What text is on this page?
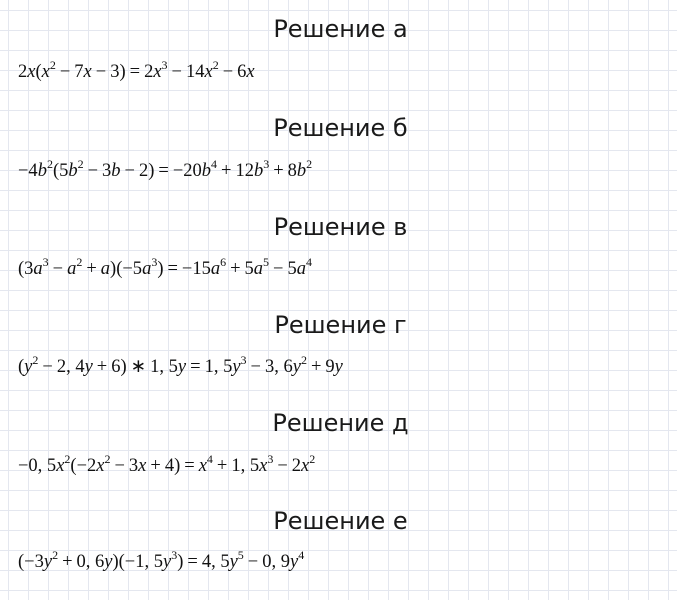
Решение а
$2x(x^2 - 7x - 3) = 2x^3 - 14x^2 - 6x$
Решение б
$-4b^2(5b^2 - 3b - 2) = -20b^4 + 12b^3 + 8b^2$
Решение в
$(3a^3 - a^2 + a)(-5a^3) = -15a^6 + 5a^5 - 5a^4$
Решение г
($y^2 - 2$, 4y + 6) ∗ 1, 5y = 1, $5y^3 - 3$, $6y^2 + 9y$
Решение д
−0, $5x^2(-2x^2 - 3x + 4) = x^4 + 1$, $5x^3 - 2x^2$
Решение е
($-3y^2 + 0$, 6y)(−1, $5y^3) = 4$, $5y^5 - 0$, $9y^4$
